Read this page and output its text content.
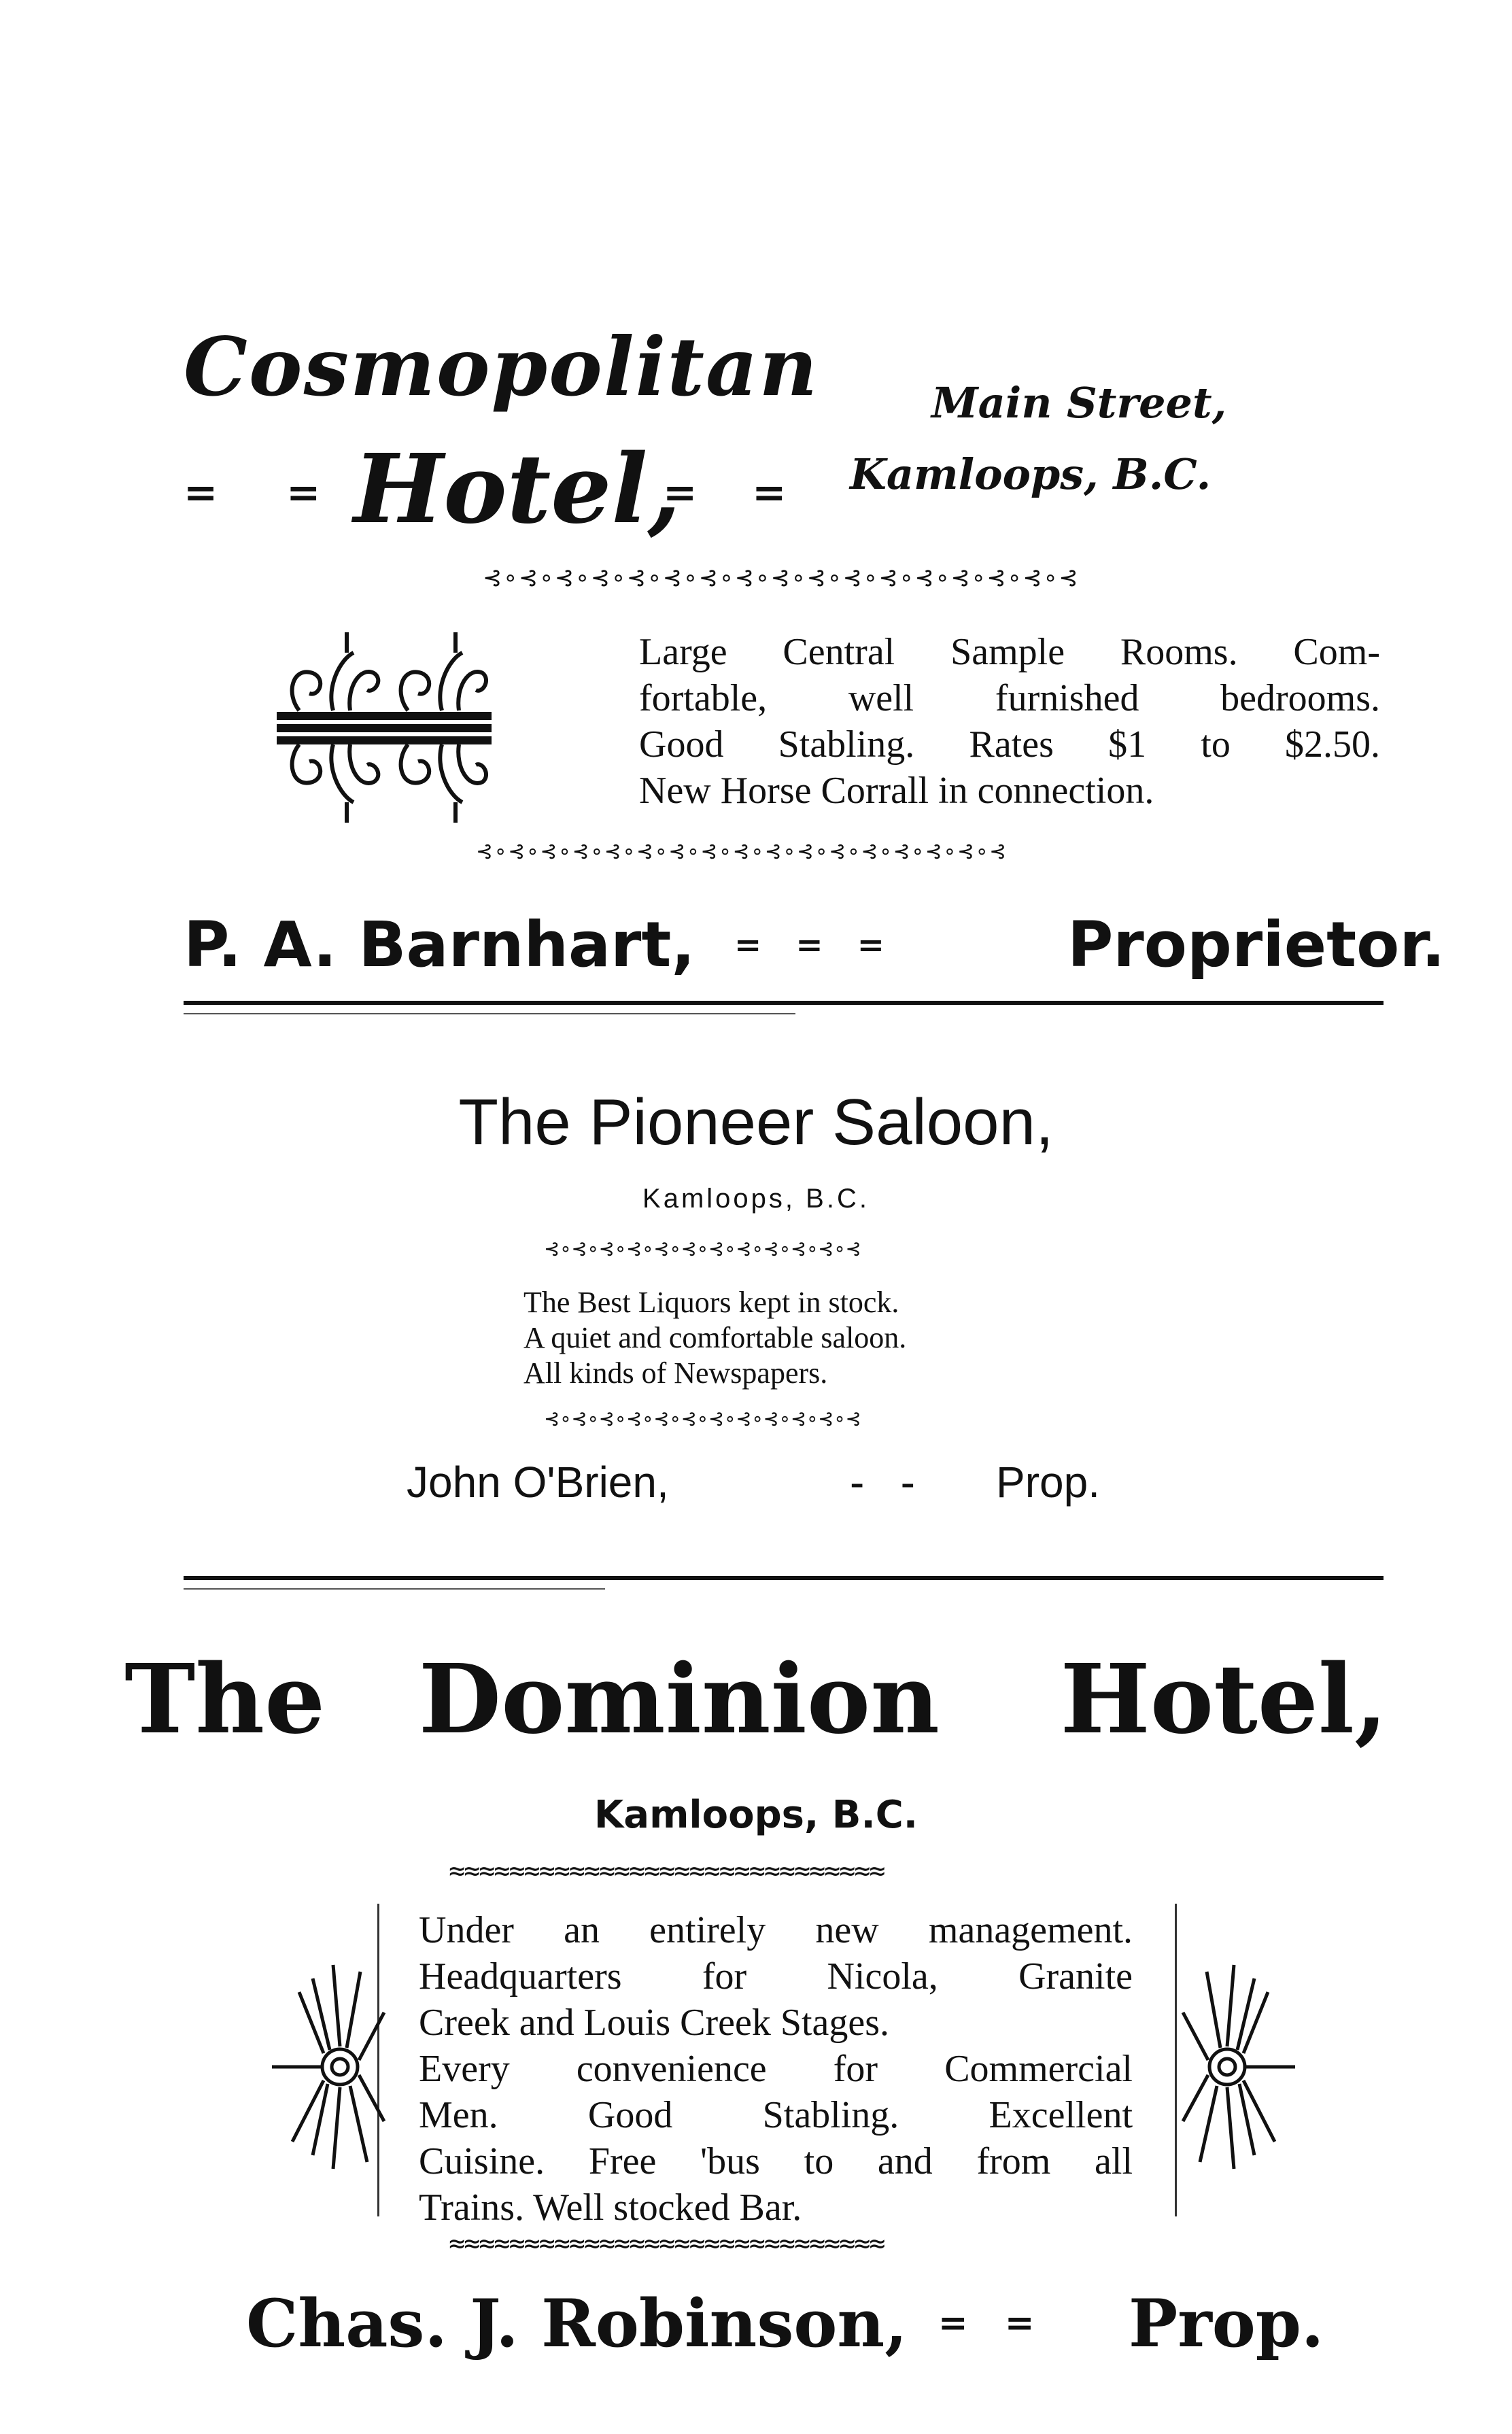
Cosmopolitan
= = Hotel,
= =
Main Street,
Kamloops, B.C.
⊰∘⊰∘⊰∘⊰∘⊰∘⊰∘⊰∘⊰∘⊰∘⊰∘⊰∘⊰∘⊰∘⊰∘⊰∘⊰∘⊰
Large Central Sample Rooms. Com-
fortable, well furnished bedrooms.
Good Stabling. Rates $1 to $2.50.
New Horse Corrall in connection.
⊰∘⊰∘⊰∘⊰∘⊰∘⊰∘⊰∘⊰∘⊰∘⊰∘⊰∘⊰∘⊰∘⊰∘⊰∘⊰∘⊰
P. A. Barnhart, =   =   =	Proprietor.
The Pioneer Saloon,
Kamloops, B.C.
⊰∘⊰∘⊰∘⊰∘⊰∘⊰∘⊰∘⊰∘⊰∘⊰∘⊰∘⊰
The Best Liquors kept in stock.
A quiet and comfortable saloon.
All kinds of Newspapers.
⊰∘⊰∘⊰∘⊰∘⊰∘⊰∘⊰∘⊰∘⊰∘⊰∘⊰∘⊰
John O'Brien,	-   - Prop.
The Dominion Hotel,
Kamloops, B.C.
≈≈≈≈≈≈≈≈≈≈≈≈≈≈≈≈≈≈≈≈≈≈≈≈≈≈≈≈≈
Under an entirely new management.
Headquarters for Nicola, Granite
Creek and Louis Creek Stages.
Every convenience for Commercial
Men. Good Stabling. Excellent
Cuisine. Free 'bus to and from all
Trains. Well stocked Bar.
≈≈≈≈≈≈≈≈≈≈≈≈≈≈≈≈≈≈≈≈≈≈≈≈≈≈≈≈≈
Chas. J. Robinson, =   = Prop.
